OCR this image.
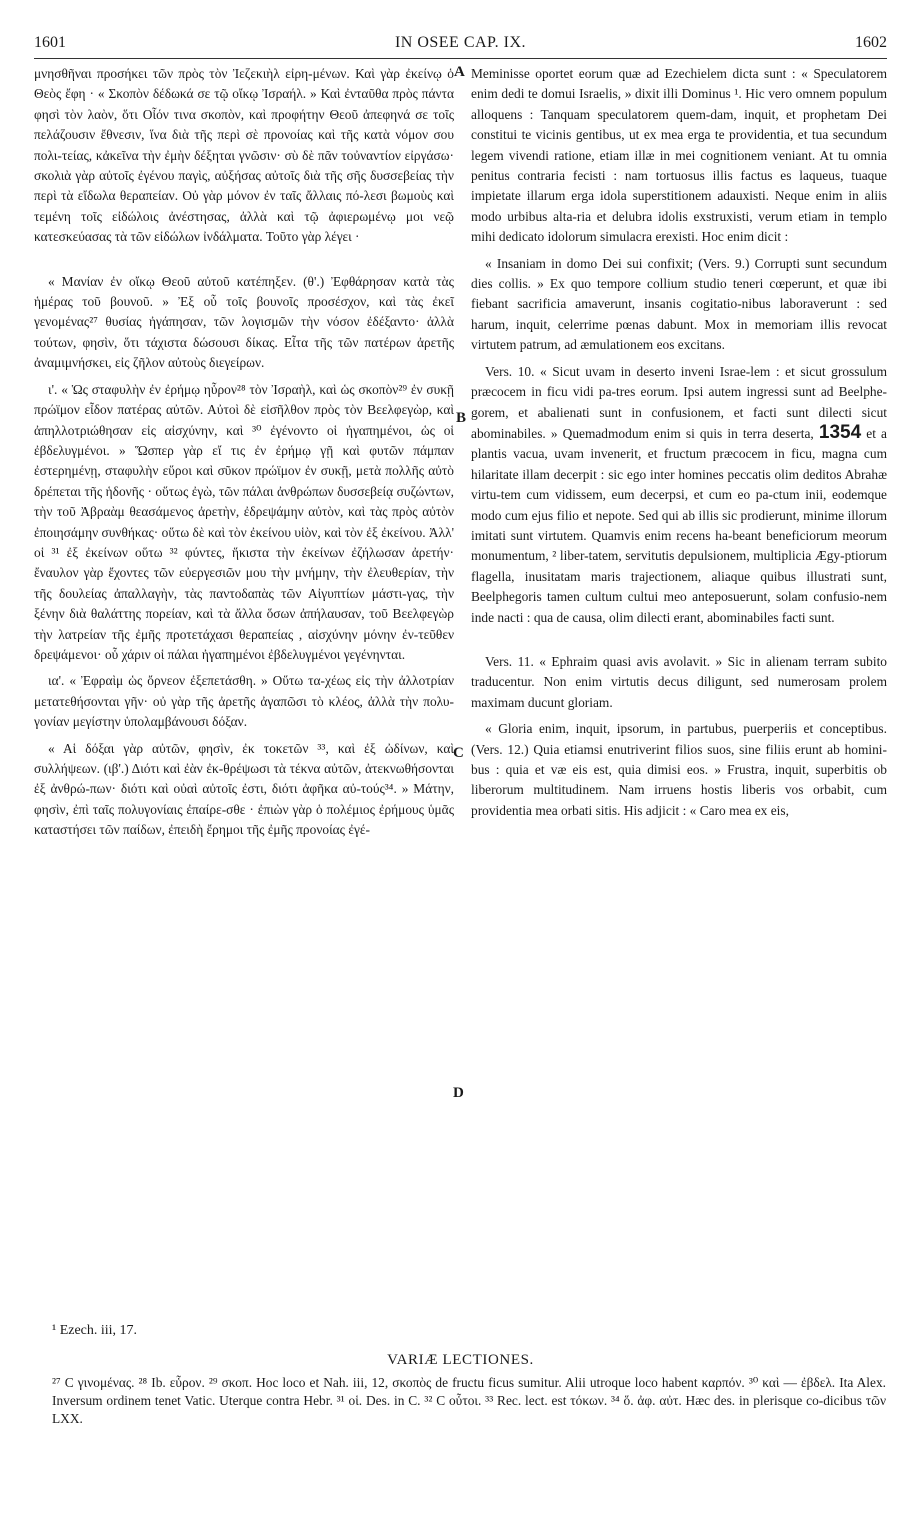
1601	IN OSEE CAP. IX.	1602

μνησθῆναι προσήκει τῶν πρὸς τὸν Ἰεζεκιὴλ εἰρη-μένων. Καὶ γὰρ ἐκείνῳ ὁ Θεὸς ἔφη · « Σκοπὸν δέδωκά σε τῷ οἴκῳ Ἰσραήλ. » Καὶ ἐνταῦθα πρὸς πάντα φησὶ τὸν λαὸν, ὅτι Οἷόν τινα σκοπὸν, καὶ προφήτην Θεοῦ ἀπεφηνά σε τοῖς πελάζουσιν ἔθνεσιν, ἵνα διὰ τῆς περὶ σὲ προνοίας καὶ τῆς κατὰ νόμον σου πολι-τείας, κἀκεῖνα τὴν ἐμὴν δέξηται γνῶσιν· σὺ δὲ πᾶν τοὐναντίον εἰργάσω· σκολιὰ γὰρ αὐτοῖς ἐγένου παγὶς, αὐξήσας αὐτοῖς διὰ τῆς σῆς δυσσεβείας τὴν περὶ τὰ εἴδωλα θεραπείαν. Οὐ γὰρ μόνον ἐν ταῖς ἄλλαις πό-λεσι βωμοὺς καὶ τεμένη τοῖς εἰδώλοις ἀνέστησας, ἀλλὰ καὶ τῷ ἀφιερωμένῳ μοι νεῷ κατεσκεύασας τὰ τῶν εἰδώλων ἰνδάλματα. Τοῦτο γὰρ λέγει ·

« Μανίαν ἐν οἴκῳ Θεοῦ αὐτοῦ κατέπηξεν. (θ'.) Ἐφθάρησαν κατὰ τὰς ἡμέρας τοῦ βουνοῦ. » Ἐξ οὗ τοῖς βουνοῖς προσέσχον, καὶ τὰς ἐκεῖ γενομένας²⁷ θυσίας ἠγάπησαν, τῶν λογισμῶν τὴν νόσον ἐδέξαντο· ἀλλὰ τούτων, φησὶν, ὅτι τάχιστα δώσουσι δίκας. Εἶτα τῆς τῶν πατέρων ἀρετῆς ἀναμιμνήσκει, εἰς ζῆλον αὐτοὺς διεγείρων.

ι'. « Ὡς σταφυλὴν ἐν ἐρήμῳ ηὗρον²⁸ τὸν Ἰσραὴλ, καὶ ὡς σκοπὸν²⁹ ἐν συκῇ πρώϊμον εἶδον πατέρας αὐτῶν. Αὐτοὶ δὲ εἰσῆλθον πρὸς τὸν Βεελφεγὼρ, καὶ ἀπηλλοτριώθησαν εἰς αἰσχύνην, καὶ ³⁰ ἐγένοντο οἱ ἠγαπημένοι, ὡς οἱ ἐβδελυγμένοι. » Ὥσπερ γὰρ εἴ τις ἐν ἐρήμῳ γῇ καὶ φυτῶν πάμπαν ἐστερημένῃ, σταφυλὴν εὕροι καὶ σῦκον πρώϊμον ἐν συκῇ, μετὰ πολλῆς αὐτὸ δρέπεται τῆς ἡδονῆς · οὕτως ἐγὼ, τῶν πάλαι ἀνθρώπων δυσσεβείᾳ συζώντων, τὴν τοῦ Ἀβραὰμ θεασάμενος ἀρετὴν, ἐδρεψάμην αὐτὸν, καὶ τὰς πρὸς αὐτὸν ἐποιησάμην συνθήκας· οὕτω δὲ καὶ τὸν ἐκείνου υἱὸν, καὶ τὸν ἐξ ἐκείνου. Ἀλλ' οἱ ³¹ ἐξ ἐκείνων οὕτω ³² φύντες, ἥκιστα τὴν ἐκείνων ἐζήλωσαν ἀρετήν· ἔναυλον γὰρ ἔχοντες τῶν εὐεργεσιῶν μου τὴν μνήμην, τὴν ἐλευθερίαν, τὴν τῆς δουλείας ἀπαλλαγὴν, τὰς παντοδαπὰς τῶν Αἰγυπτίων μάστι-γας, τὴν ξένην διὰ θαλάττης πορείαν, καὶ τὰ ἄλλα ὅσων ἀπήλαυσαν, τοῦ Βεελφεγὼρ τὴν λατρείαν τῆς ἐμῆς προτετάχασι θεραπείας , αἰσχύνην μόνην ἐν-τεῦθεν δρεψάμενοι· οὗ χάριν οἱ πάλαι ἠγαπημένοι ἐβδελυγμένοι γεγένηνται.

ια'. « Ἐφραὶμ ὡς ὄρνεον ἐξεπετάσθη. » Οὕτω τα-χέως εἰς τὴν ἀλλοτρίαν μετατεθήσονται γῆν· οὐ γὰρ τῆς ἀρετῆς ἀγαπῶσι τὸ κλέος, ἀλλὰ τὴν πολυ-γονίαν μεγίστην ὑπολαμβάνουσι δόξαν.

« Αἱ δόξαι γὰρ αὐτῶν, φησὶν, ἐκ τοκετῶν ³³, καὶ ἐξ ὠδίνων, καὶ συλλήψεων. (ιβ'.) Διότι καὶ ἐὰν ἐκ-θρέψωσι τὰ τέκνα αὐτῶν, ἀτεκνωθήσονται ἐξ ἀνθρώ-πων· διότι καὶ οὐαὶ αὐτοῖς ἐστι, διότι ἀφῆκα αὐ-τούς³⁴. » Μάτην, φησὶν, ἐπὶ ταῖς πολυγονίαις ἐπαίρε-σθε · ἐπιὼν γὰρ ὁ πολέμιος ἐρήμους ὑμᾶς καταστήσει τῶν παίδων, ἐπειδὴ ἔρημοι τῆς ἐμῆς προνοίας ἐγέ-

A
B
C
D

Meminisse oportet eorum quæ ad Ezechielem dicta sunt : « Speculatorem enim dedi te domui Israelis, » dixit illi Dominus ¹. Hic vero omnem populum alloquens : Tanquam speculatorem quem-dam, inquit, et prophetam Dei constitui te vicinis gentibus, ut ex mea erga te providentia, et tua secundum legem vivendi ratione, etiam illæ in mei cognitionem veniant. At tu omnia penitus contraria fecisti : nam tortuosus illis factus es laqueus, tuaque impietate illarum erga idola superstitionem adauxisti. Neque enim in aliis modo urbibus alta-ria et delubra idolis exstruxisti, verum etiam in templo mihi dedicato idolorum simulacra erexisti. Hoc enim dicit :

« Insaniam in domo Dei sui confixit; (Vers. 9.) Corrupti sunt secundum dies collis. » Ex quo tempore collium studio teneri cœperunt, et quæ ibi fiebant sacrificia amaverunt, insanis cogitatio-nibus laboraverunt : sed harum, inquit, celerrime pœnas dabunt. Mox in memoriam illis revocat virtutem patrum, ad æmulationem eos excitans.

Vers. 10. « Sicut uvam in deserto inveni Israe-lem : et sicut grossulum præcocem in ficu vidi pa-tres eorum. Ipsi autem ingressi sunt ad Beelphe-gorem, et abalienati sunt in confusionem, et facti sunt dilecti sicut abominabiles. » Quemadmodum enim si quis in terra deserta, 1354 et a plantis vacua, uvam invenerit, et fructum præcocem in ficu, magna cum hilaritate illam decerpit : sic ego inter homines peccatis olim deditos Abrahæ virtu-tem cum vidissem, eum decerpsi, et cum eo pa-ctum inii, eodemque modo cum ejus filio et nepote. Sed qui ab illis sic prodierunt, minime illorum imitati sunt virtutem. Quamvis enim recens ha-beant beneficiorum meorum monumentum, ² liber-tatem, servitutis depulsionem, multiplicia Ægy-ptiorum flagella, inusitatam maris trajectionem, aliaque quibus illustrati sunt, Beelphegoris tamen cultum cultui meo anteposuerunt, solam confusio-nem inde nacti : qua de causa, olim dilecti erant, abominabiles facti sunt.

Vers. 11. « Ephraim quasi avis avolavit. » Sic in alienam terram subito traducentur. Non enim virtutis decus diligunt, sed numerosam prolem maximam ducunt gloriam.

« Gloria enim, inquit, ipsorum, in partubus, puerperiis et conceptibus. (Vers. 12.) Quia etiamsi enutriverint filios suos, sine filiis erunt ab homini-bus : quia et væ eis est, quia dimisi eos. » Frustra, inquit, superbitis ob liberorum multitudinem. Nam irruens hostis liberis vos orbabit, cum providentia mea orbati sitis. His adjicit : « Caro mea ex eis,

¹ Ezech. iii, 17.
VARIÆ LECTIONES.
²⁷ C γινομένας. ²⁸ Ib. εὗρον. ²⁹ σκοπ. Hoc loco et Nah. iii, 12, σκοπὸς de fructu ficus sumitur. Alii utroque loco habent καρπόν. ³⁰ καὶ — ἐβδελ. Ita Alex. Inversum ordinem tenet Vatic. Uterque contra Hebr. ³¹ οἱ. Des. in C. ³² C οὗτοι. ³³ Rec. lect. est τόκων. ³⁴ ὅ. ἀφ. αὐτ. Hæc des. in plerisque co-dicibus τῶν LXX.
